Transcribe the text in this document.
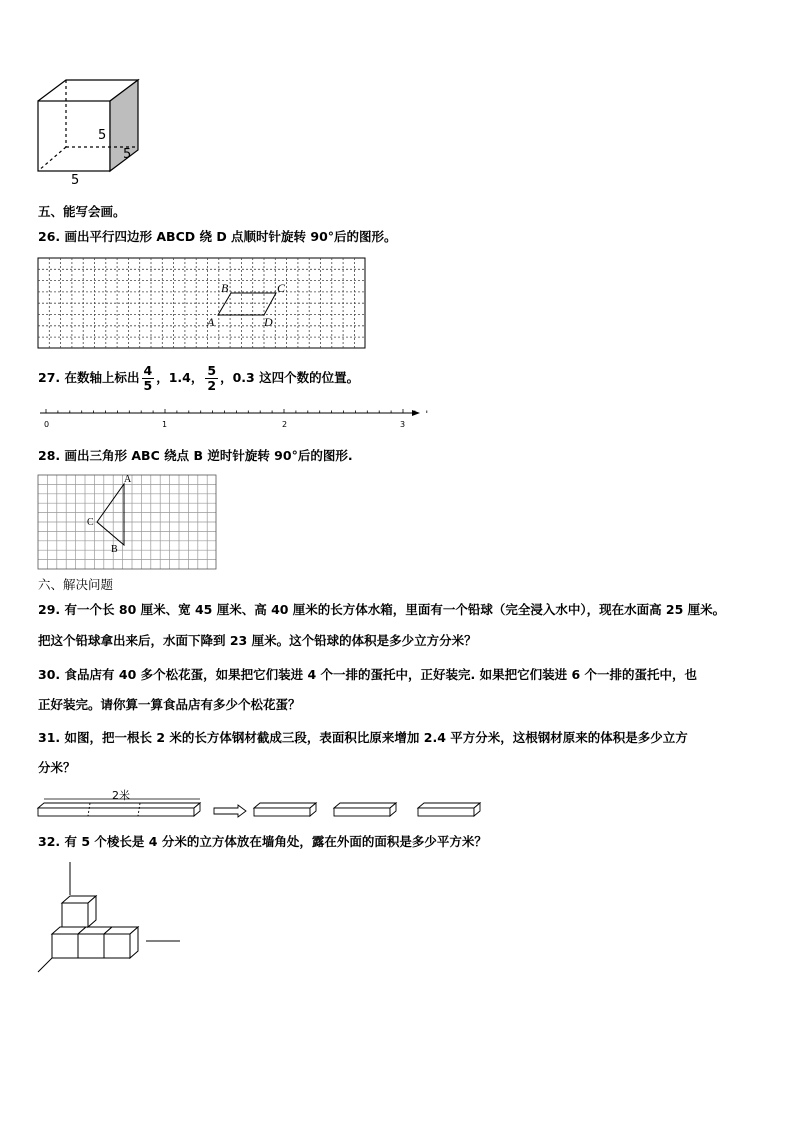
5
5
5
五、能写会画。
26. 画出平行四边形 ABCD 绕 D 点顺时针旋转 90°后的图形。
B	C
A	D
27.
在数轴上标出 $\frac{4}{5}$ ，1.4， $\frac{5}{2}$ ，0.3 这四个数的位置。
0	1	2	3
28. 画出三角形 ABC 绕点 B 逆时针旋转 90°后的图形.
A
C
B
六、解决问题
29. 有一个长 80 厘米、宽 45 厘米、高 40 厘米的长方体水箱，里面有一个铅球（完全浸入水中），现在水面高 25 厘米。
把这个铅球拿出来后，水面下降到 23 厘米。这个铅球的体积是多少立方分米？
30. 食品店有 40 多个松花蛋，如果把它们装进 4 个一排的蛋托中，正好装完. 如果把它们装进 6 个一排的蛋托中，也
正好装完。请你算一算食品店有多少个松花蛋？
31. 如图，把一根长 2 米的长方体钢材截成三段，表面积比原来增加 2.4 平方分米，这根钢材原来的体积是多少立方
分米？
2米
32. 有 5 个棱长是 4 分米的立方体放在墙角处，露在外面的面积是多少平方米？
